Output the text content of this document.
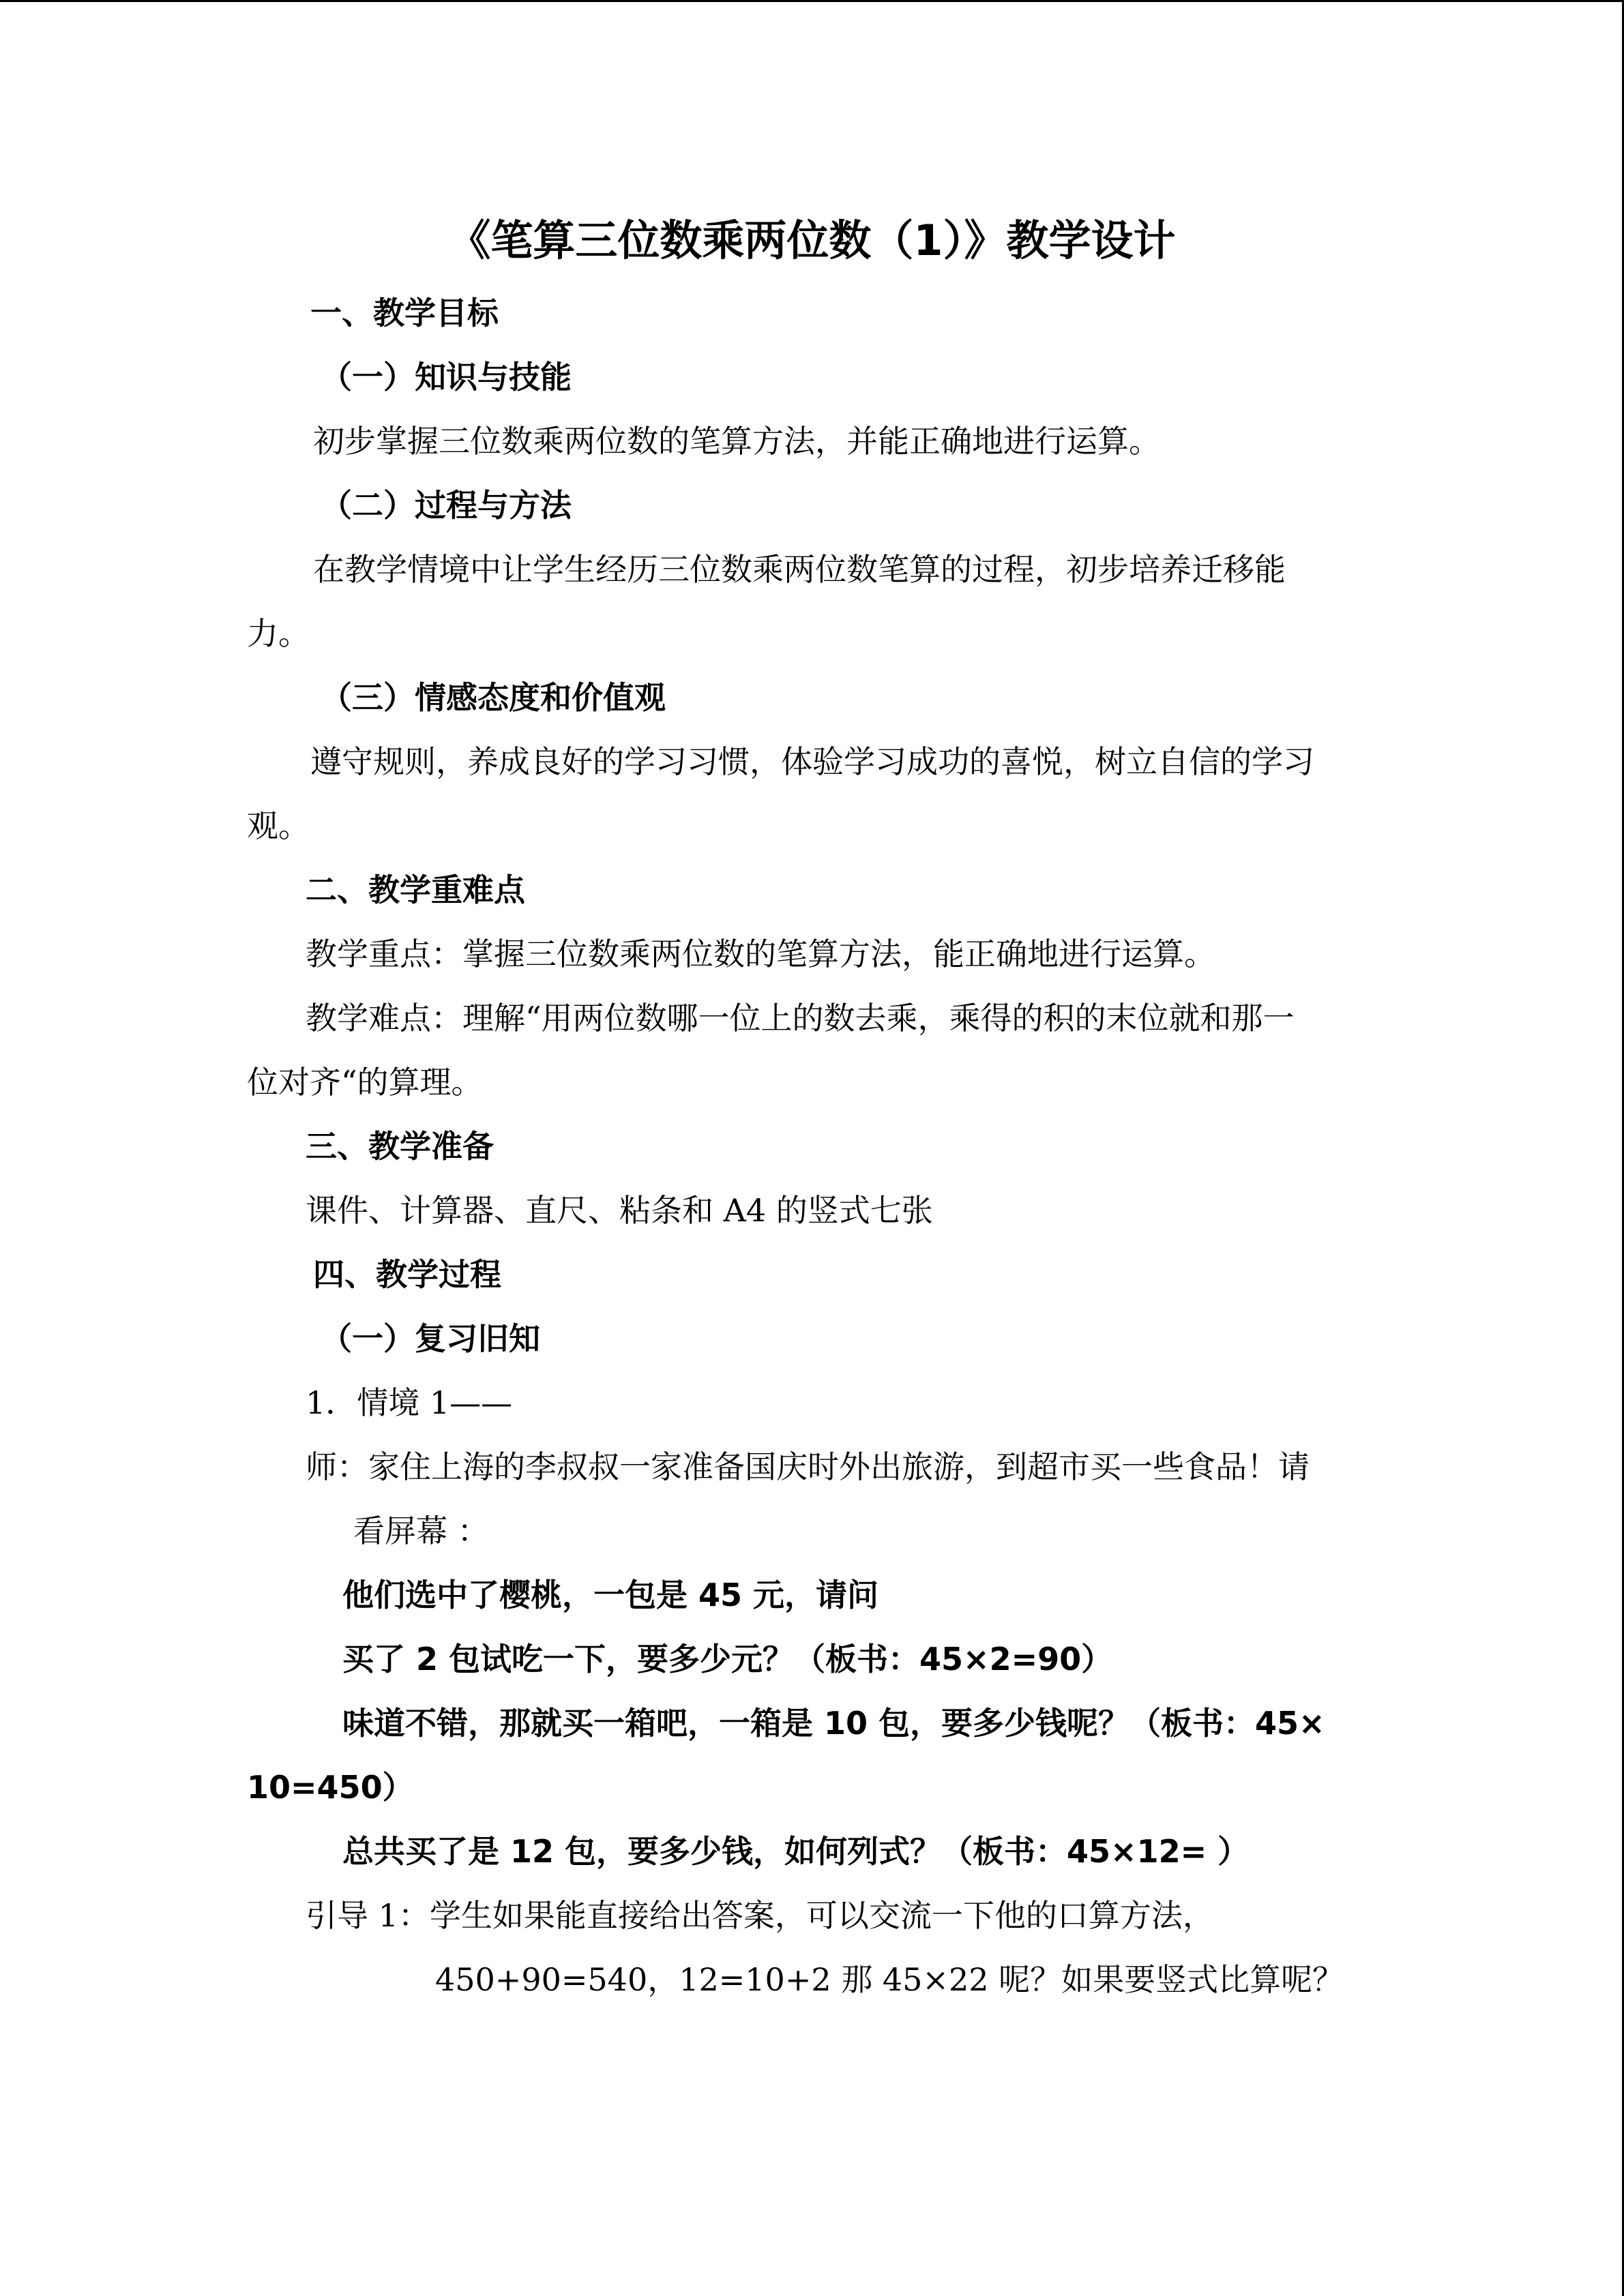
《笔算三位数乘两位数（1）》教学设计
一、教学目标
（一）知识与技能
初步掌握三位数乘两位数的笔算方法，并能正确地进行运算。
（二）过程与方法
在教学情境中让学生经历三位数乘两位数笔算的过程，初步培养迁移能
力。
（三）情感态度和价值观
遵守规则，养成良好的学习习惯，体验学习成功的喜悦，树立自信的学习
观。
二、教学重难点
教学重点：掌握三位数乘两位数的笔算方法，能正确地进行运算。
教学难点：理解“用两位数哪一位上的数去乘，乘得的积的末位就和那一
位对齐“的算理。
三、教学准备
课件、计算器、直尺、粘条和 A4 的竖式七张
四、教学过程
（一）复习旧知
1．情境 1——
师：家住上海的李叔叔一家准备国庆时外出旅游，到超市买一些食品！请
看屏幕 ：
他们选中了樱桃，一包是 45 元，请问
买了 2 包试吃一下，要多少元？（板书：45×2=90）
味道不错，那就买一箱吧，一箱是 10 包，要多少钱呢？（板书：45×
10=450）
总共买了是 12 包，要多少钱，如何列式？（板书：45×12= ）
引导 1：学生如果能直接给出答案，可以交流一下他的口算方法，
450+90=540，12=10+2 那 45×22 呢？如果要竖式比算呢？
